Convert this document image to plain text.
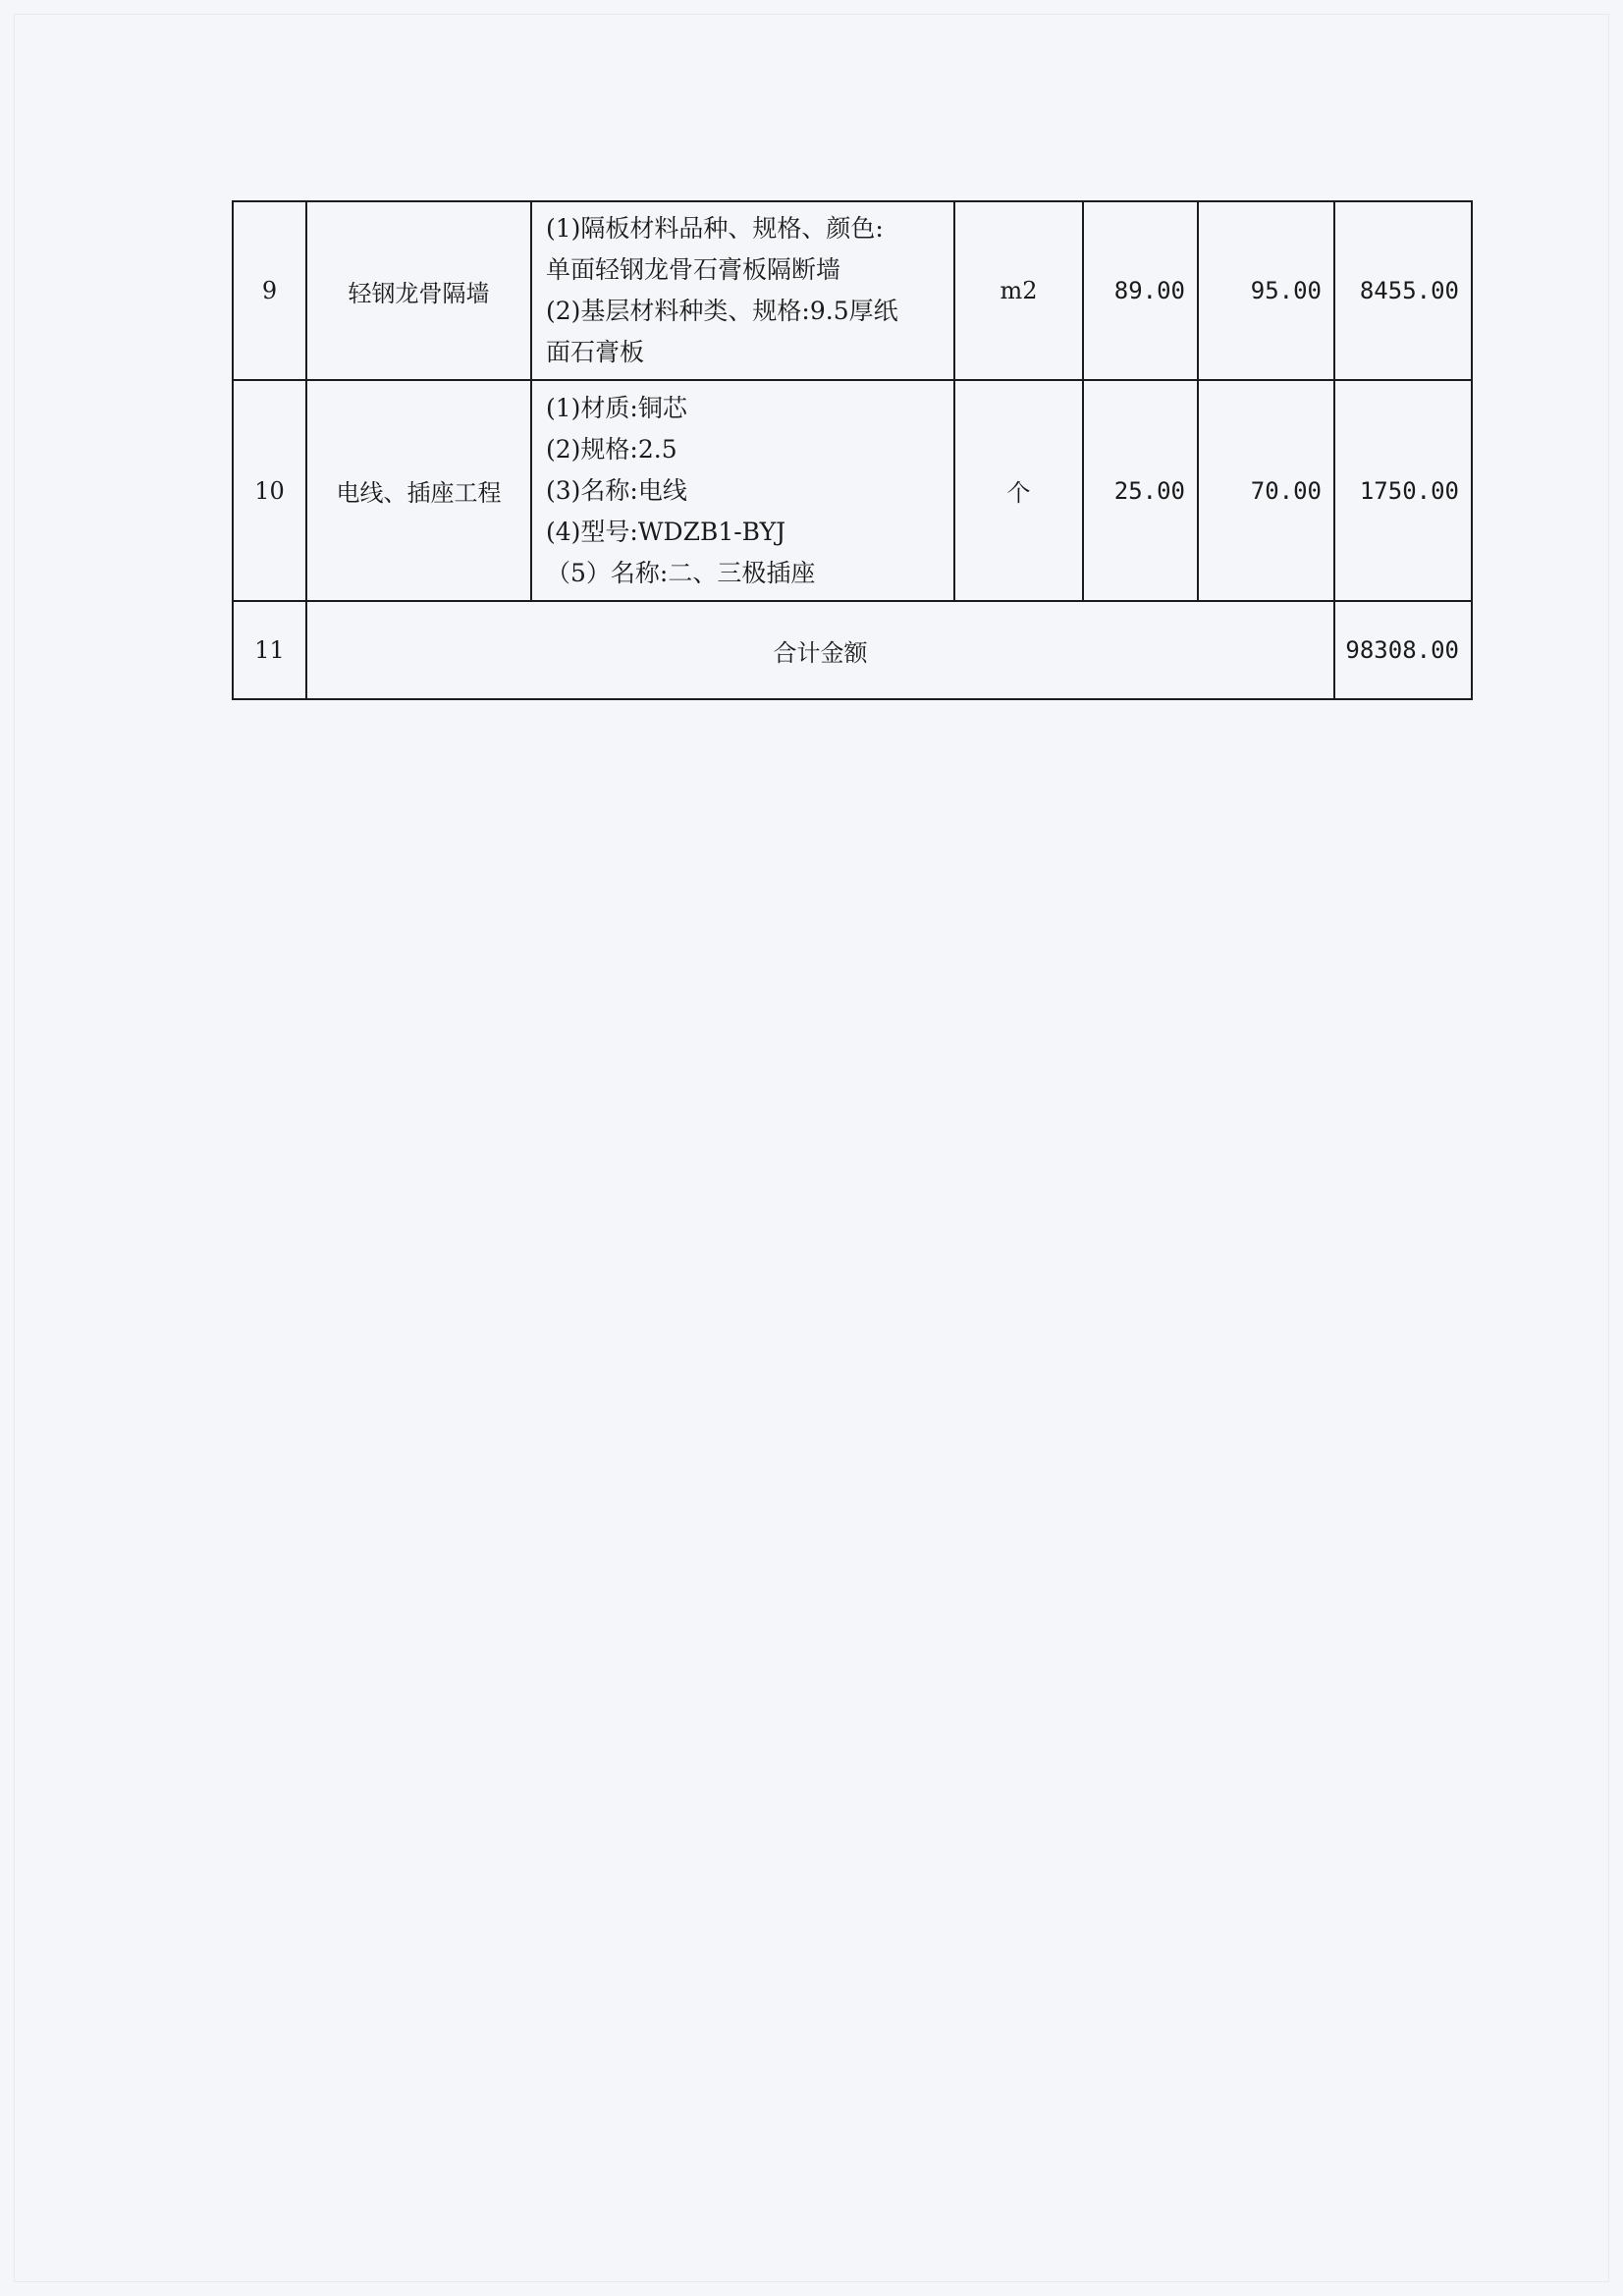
9	轻钢龙骨隔墙	(1)隔板材料品种、规格、颜色:
单面轻钢龙骨石膏板隔断墙
(2)基层材料种类、规格:9.5厚纸
面石膏板	m2	89.00	95.00	8455.00
10	电线、插座工程	(1)材质:铜芯
(2)规格:2.5
(3)名称:电线
(4)型号:WDZB1-BYJ
（5）名称:二、三极插座	个	25.00	70.00	1750.00
11	合计金额					98308.00
